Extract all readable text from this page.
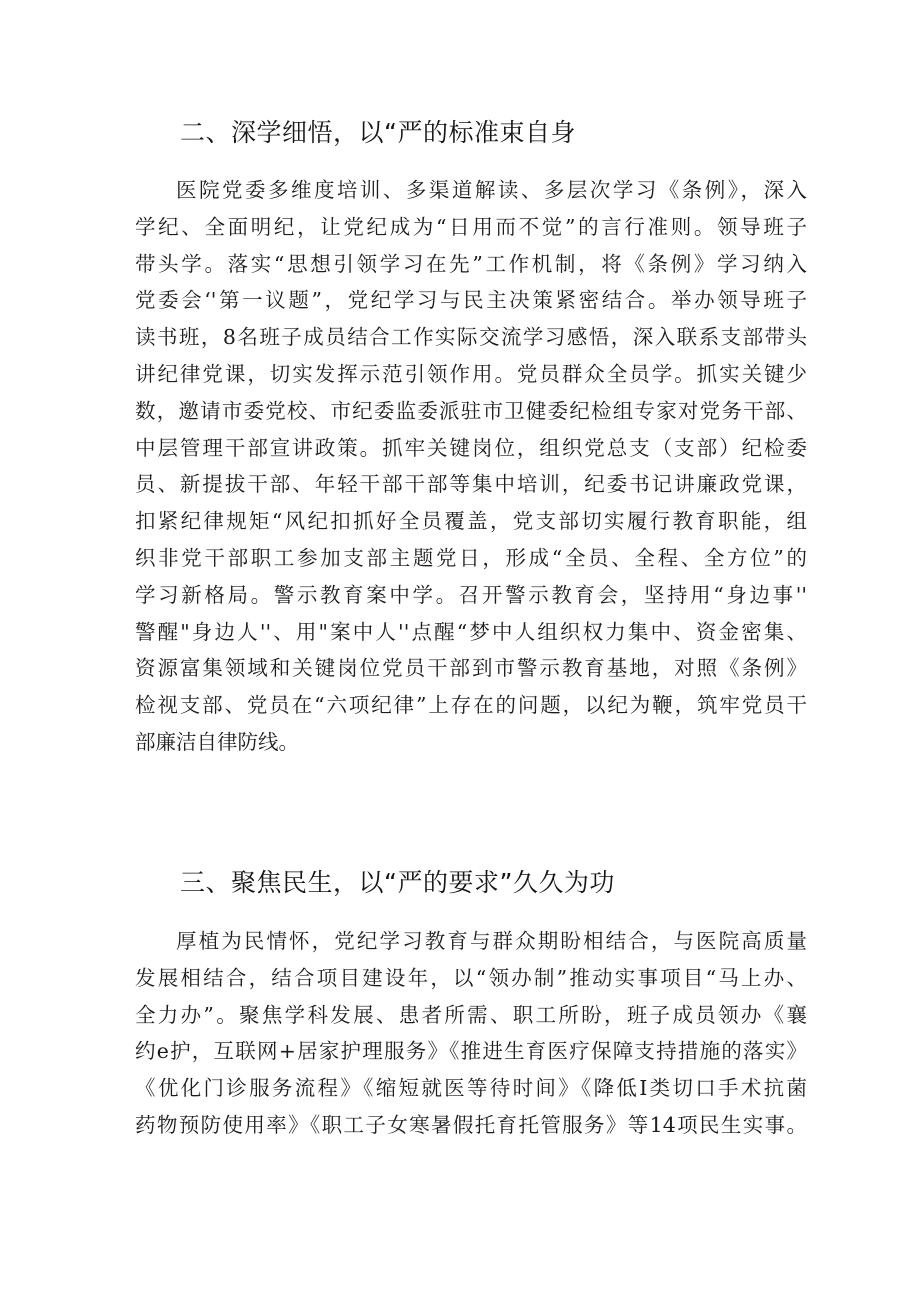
二、深学细悟，以“严的标准束自身
医院党委多维度培训、多渠道解读、多层次学习《条例》，深入
学纪、全面明纪，让党纪成为“日用而不觉”的言行准则。领导班子
带头学。落实“思想引领学习在先”工作机制，将《条例》学习纳入
党委会‘'第一议题”，党纪学习与民主决策紧密结合。举办领导班子
读书班，8名班子成员结合工作实际交流学习感悟，深入联系支部带头
讲纪律党课，切实发挥示范引领作用。党员群众全员学。抓实关键少
数，邀请市委党校、市纪委监委派驻市卫健委纪检组专家对党务干部、
中层管理干部宣讲政策。抓牢关键岗位，组织党总支（支部）纪检委
员、新提拔干部、年轻干部干部等集中培训，纪委书记讲廉政党课，
扣紧纪律规矩“风纪扣抓好全员覆盖，党支部切实履行教育职能，组
织非党干部职工参加支部主题党日，形成“全员、全程、全方位”的
学习新格局。警示教育案中学。召开警示教育会，坚持用“身边事''
警醒"身边人''、用"案中人''点醒“梦中人组织权力集中、资金密集、
资源富集领域和关键岗位党员干部到市警示教育基地，对照《条例》
检视支部、党员在“六项纪律”上存在的问题，以纪为鞭，筑牢党员干
部廉洁自律防线。
三、聚焦民生，以“严的要求”久久为功
厚植为民情怀，党纪学习教育与群众期盼相结合，与医院高质量
发展相结合，结合项目建设年，以“领办制”推动实事项目“马上办、
全力办”。聚焦学科发展、患者所需、职工所盼，班子成员领办《襄
约e护，互联网+居家护理服务》《推进生育医疗保障支持措施的落实》
《优化门诊服务流程》《缩短就医等待时间》《降低I类切口手术抗菌
药物预防使用率》《职工子女寒暑假托育托管服务》等14项民生实事。
